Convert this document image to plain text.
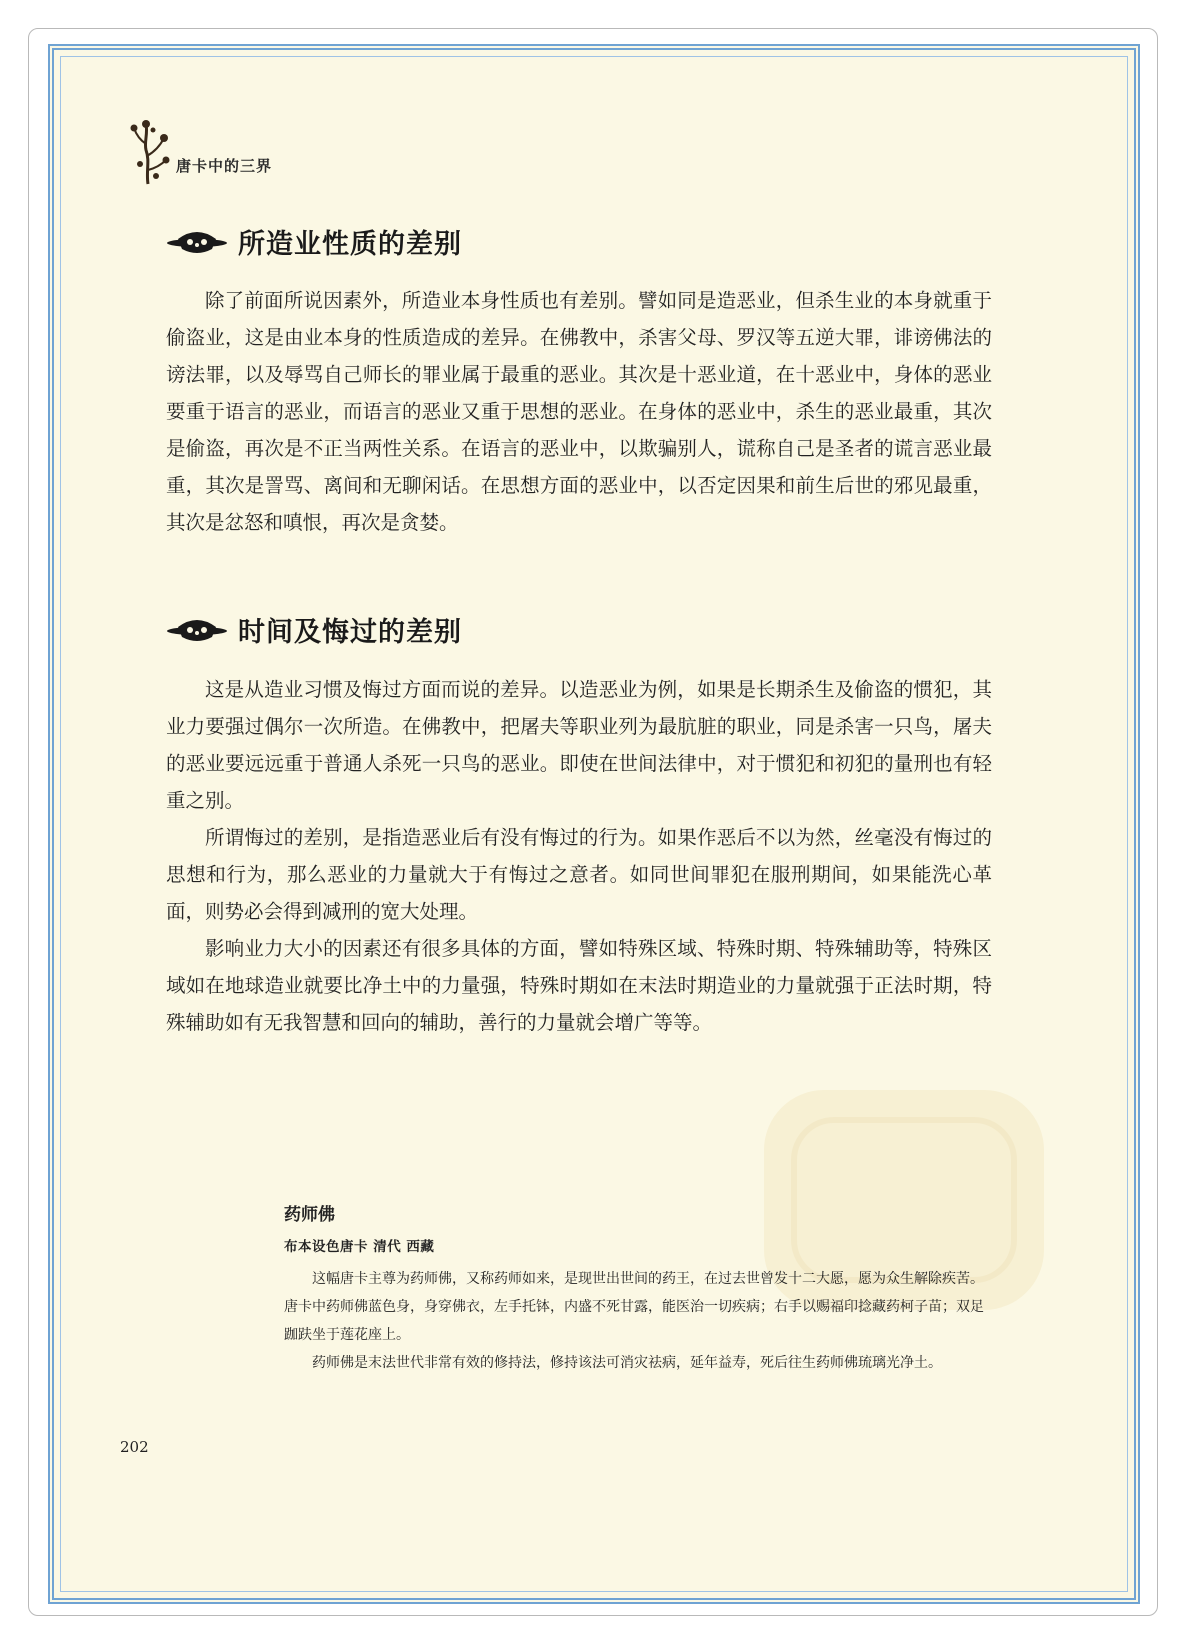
唐卡中的三界
所造业性质的差别

除了前面所说因素外，所造业本身性质也有差别。譬如同是造恶业，但杀生业的本身就重于偷盗业，这是由业本身的性质造成的差异。在佛教中，杀害父母、罗汉等五逆大罪，诽谤佛法的谤法罪，以及辱骂自己师长的罪业属于最重的恶业。其次是十恶业道，在十恶业中，身体的恶业要重于语言的恶业，而语言的恶业又重于思想的恶业。在身体的恶业中，杀生的恶业最重，其次是偷盗，再次是不正当两性关系。在语言的恶业中，以欺骗别人，谎称自己是圣者的谎言恶业最重，其次是詈骂、离间和无聊闲话。在思想方面的恶业中，以否定因果和前生后世的邪见最重，其次是忿怒和嗔恨，再次是贪婪。

时间及悔过的差别

这是从造业习惯及悔过方面而说的差异。以造恶业为例，如果是长期杀生及偷盗的惯犯，其业力要强过偶尔一次所造。在佛教中，把屠夫等职业列为最肮脏的职业，同是杀害一只鸟，屠夫的恶业要远远重于普通人杀死一只鸟的恶业。即使在世间法律中，对于惯犯和初犯的量刑也有轻重之别。

所谓悔过的差别，是指造恶业后有没有悔过的行为。如果作恶后不以为然，丝毫没有悔过的思想和行为，那么恶业的力量就大于有悔过之意者。如同世间罪犯在服刑期间，如果能洗心革面，则势必会得到减刑的宽大处理。

影响业力大小的因素还有很多具体的方面，譬如特殊区域、特殊时期、特殊辅助等，特殊区域如在地球造业就要比净土中的力量强，特殊时期如在末法时期造业的力量就强于正法时期，特殊辅助如有无我智慧和回向的辅助，善行的力量就会增广等等。

药师佛
布本设色唐卡 清代 西藏

这幅唐卡主尊为药师佛，又称药师如来，是现世出世间的药王，在过去世曾发十二大愿，愿为众生解除疾苦。唐卡中药师佛蓝色身，身穿佛衣，左手托钵，内盛不死甘露，能医治一切疾病；右手以赐福印捻藏药柯子苗；双足跏趺坐于莲花座上。

药师佛是末法世代非常有效的修持法，修持该法可消灾祛病，延年益寿，死后往生药师佛琉璃光净土。

202
